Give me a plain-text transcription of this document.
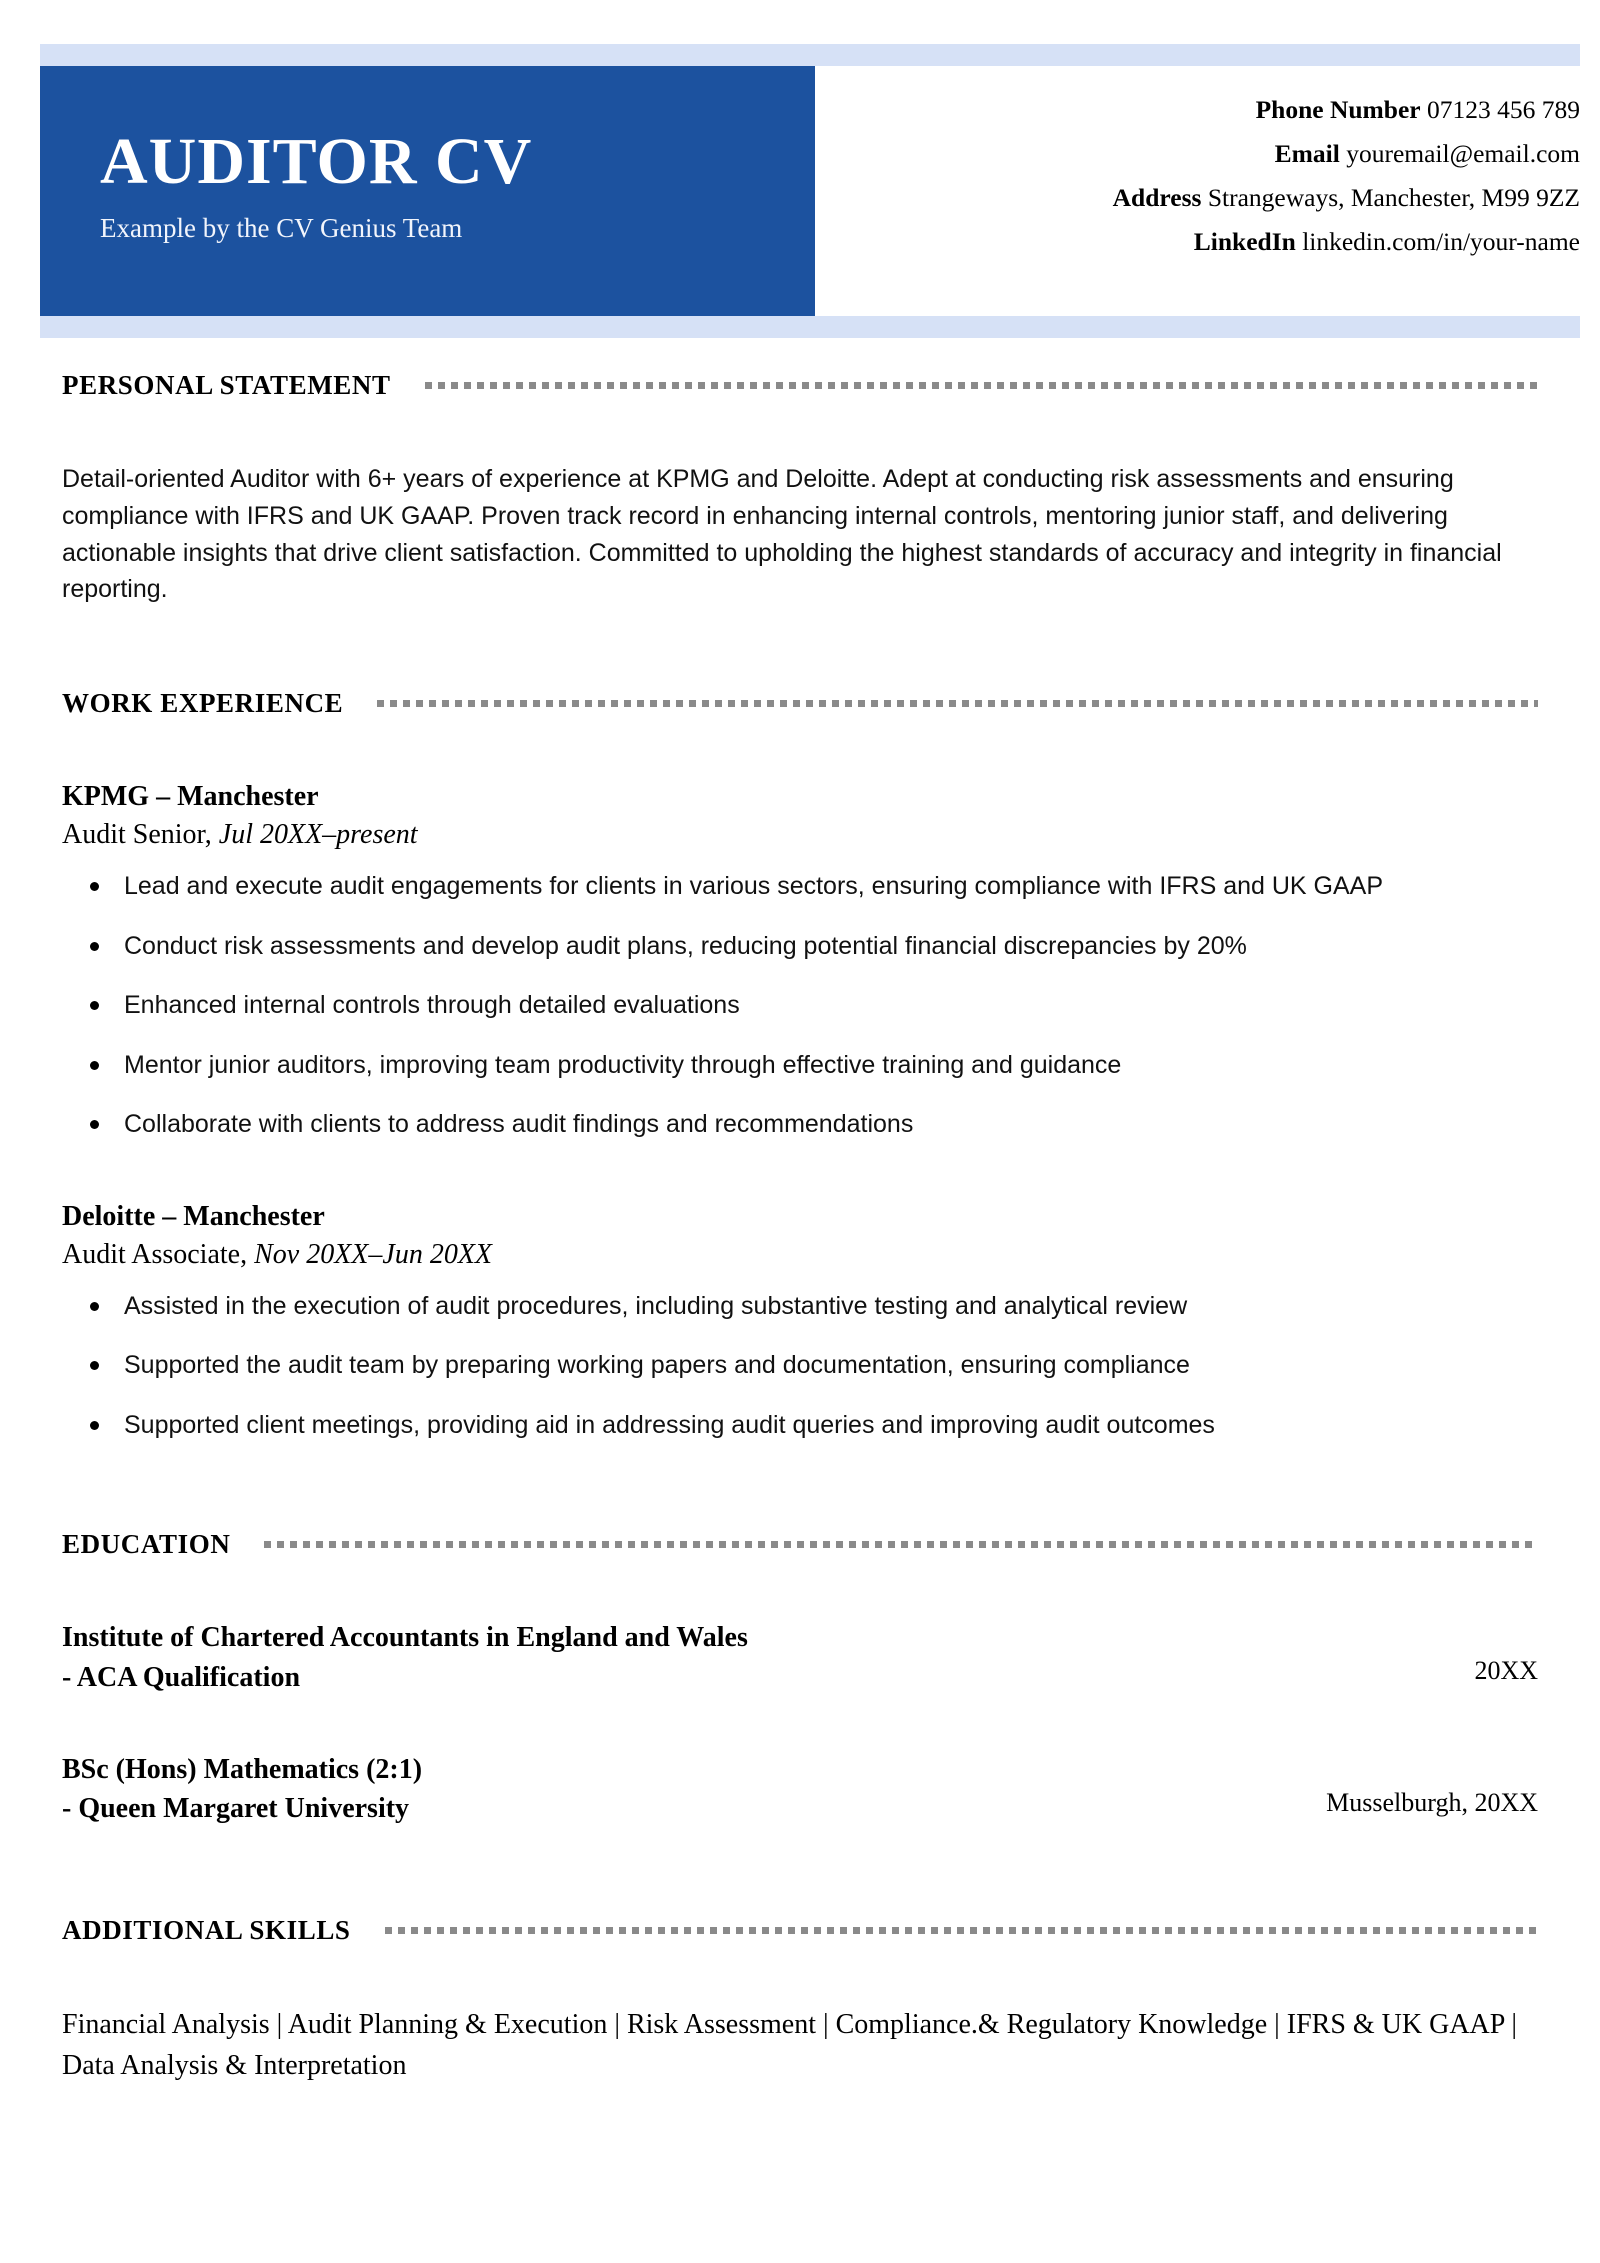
AUDITOR CV
Example by the CV Genius Team
Phone Number 07123 456 789
Email youremail@email.com
Address Strangeways, Manchester, M99 9ZZ
LinkedIn linkedin.com/in/your-name
PERSONAL STATEMENT
Detail-oriented Auditor with 6+ years of experience at KPMG and Deloitte. Adept at conducting risk assessments and ensuring compliance with IFRS and UK GAAP. Proven track record in enhancing internal controls, mentoring junior staff, and delivering actionable insights that drive client satisfaction. Committed to upholding the highest standards of accuracy and integrity in financial reporting.
WORK EXPERIENCE
KPMG – Manchester
Audit Senior, Jul 20XX–present
Lead and execute audit engagements for clients in various sectors, ensuring compliance with IFRS and UK GAAP
Conduct risk assessments and develop audit plans, reducing potential financial discrepancies by 20%
Enhanced internal controls through detailed evaluations
Mentor junior auditors, improving team productivity through effective training and guidance
Collaborate with clients to address audit findings and recommendations
Deloitte – Manchester
Audit Associate, Nov 20XX–Jun 20XX
Assisted in the execution of audit procedures, including substantive testing and analytical review
Supported the audit team by preparing working papers and documentation, ensuring compliance
Supported client meetings, providing aid in addressing audit queries and improving audit outcomes
EDUCATION
Institute of Chartered Accountants in England and Wales
- ACA Qualification	20XX
BSc (Hons) Mathematics (2:1)
- Queen Margaret University	Musselburgh, 20XX
ADDITIONAL SKILLS
Financial Analysis | Audit Planning & Execution | Risk Assessment | Compliance.& Regulatory Knowledge | IFRS & UK GAAP | Data Analysis & Interpretation
